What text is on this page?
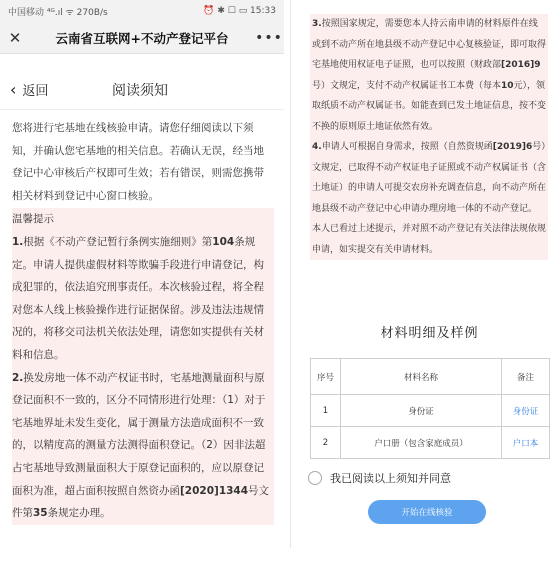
中国移动 ⁴ᴳ.ıl ᯤ 270B/s	⏰ ✱ ☐ ▭ 15:33
✕	云南省互联网+不动产登记平台	•••
‹ 返回	阅读须知

您将进行宅基地在线核验申请。请您仔细阅读以下须知，并确认您宅基地的相关信息。若确认无误，经当地登记中心审核后产权即可生效；若有错误，则需您携带相关材料到登记中心窗口核验。

温馨提示

1.根据《不动产登记暂行条例实施细则》第104条规定。申请人提供虚假材料等欺骗手段进行申请登记，构成犯罪的，依法追究刑事责任。本次核验过程，将全程对您本人线上核验操作进行证据保留。涉及违法违规情况的，将移交司法机关依法处理，请您如实提供有关材料和信息。

2.换发房地一体不动产权证书时，宅基地测量面积与原登记面积不一致的，区分不同情形进行处理：（1）对于宅基地界址未发生变化，属于测量方法造成面积不一致的，以精度高的测量方法测得面积登记。（2）因非法超占宅基地导致测量面积大于原登记面积的，应以原登记面积为准，超占面积按照自然资办函[2020]1344号文件第35条规定办理。

3.按照国家规定，需要您本人持云南申请的材料原件在线或到不动产所在地县级不动产登记中心复核验证，即可取得宅基地使用权证电子证照，也可以按照（财政部[2016]9号）文规定，支付不动产权属证书工本费（每本10元），领取纸质不动产权属证书。如能查到已发土地证信息，按不变不换的原则原土地证依然有效。

4.申请人可根据自身需求，按照（自然资规函[2019]6号）文规定，已取得不动产权证电子证照或不动产权属证书（含土地证）的申请人可提交农房补充调查信息，向不动产所在地县级不动产登记中心申请办理房地一体的不动产登记。

本人已看过上述提示，并对照不动产登记有关法律法规依规申请，如实提交有关申请材料。

材料明细及样例
序号	材料名称	备注
1	身份证	身份证
2	户口册（包含家庭成员）	户口本
我已阅读以上须知并同意
开始在线核验
